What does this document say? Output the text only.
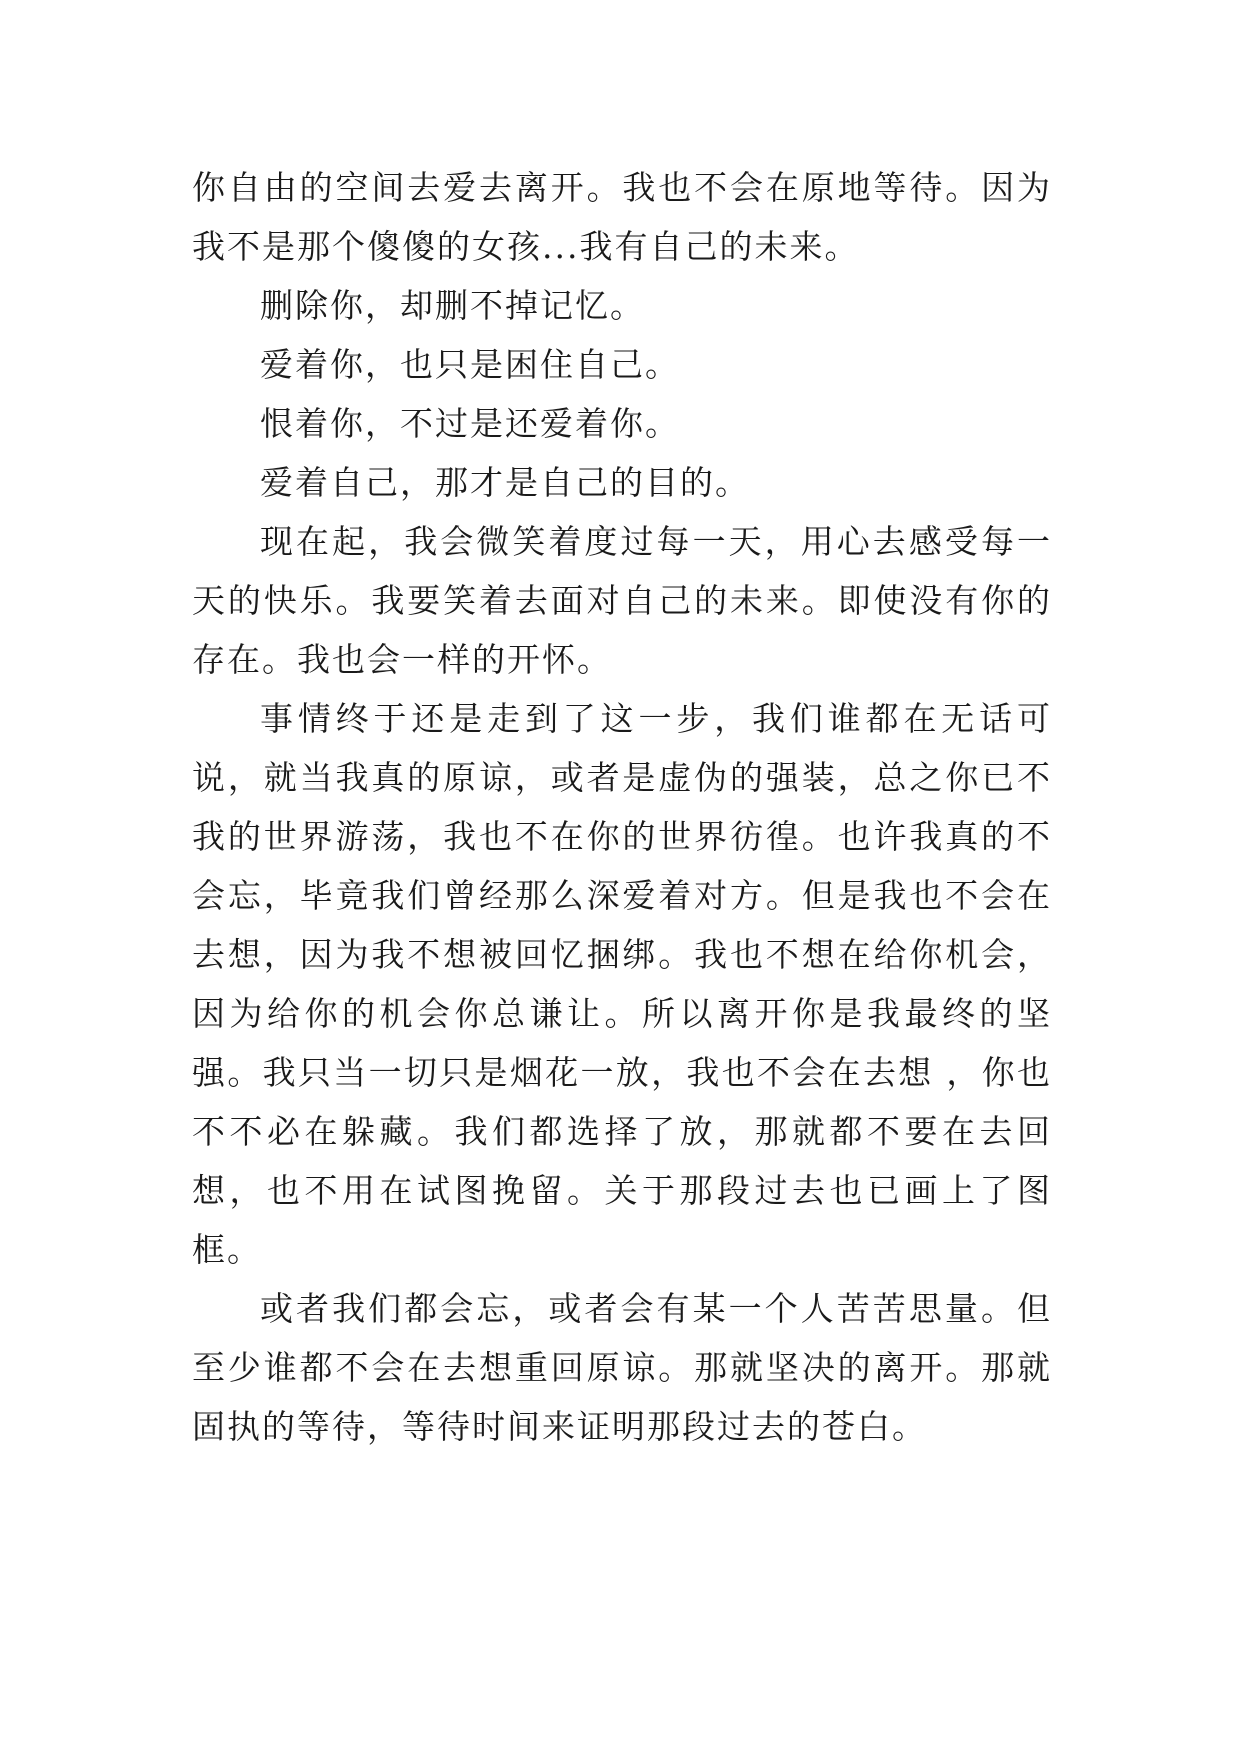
你自由的空间去爱去离开。我也不会在原地等待。因为我不是那个傻傻的女孩...我有自己的未来。

删除你，却删不掉记忆。

爱着你，也只是困住自己。

恨着你，不过是还爱着你。

爱着自己，那才是自己的目的。

现在起，我会微笑着度过每一天，用心去感受每一天的快乐。我要笑着去面对自己的未来。即使没有你的存在。我也会一样的开怀。

事情终于还是走到了这一步，我们谁都在无话可说，就当我真的原谅，或者是虚伪的强装，总之你已不我的世界游荡，我也不在你的世界彷徨。也许我真的不会忘，毕竟我们曾经那么深爱着对方。但是我也不会在去想，因为我不想被回忆捆绑。我也不想在给你机会，因为给你的机会你总谦让。所以离开你是我最终的坚强。我只当一切只是烟花一放，我也不会在去想 ，你也不不必在躲藏。我们都选择了放，那就都不要在去回想，也不用在试图挽留。关于那段过去也已画上了图框。

或者我们都会忘，或者会有某一个人苦苦思量。但至少谁都不会在去想重回原谅。那就坚决的离开。那就固执的等待，等待时间来证明那段过去的苍白。
